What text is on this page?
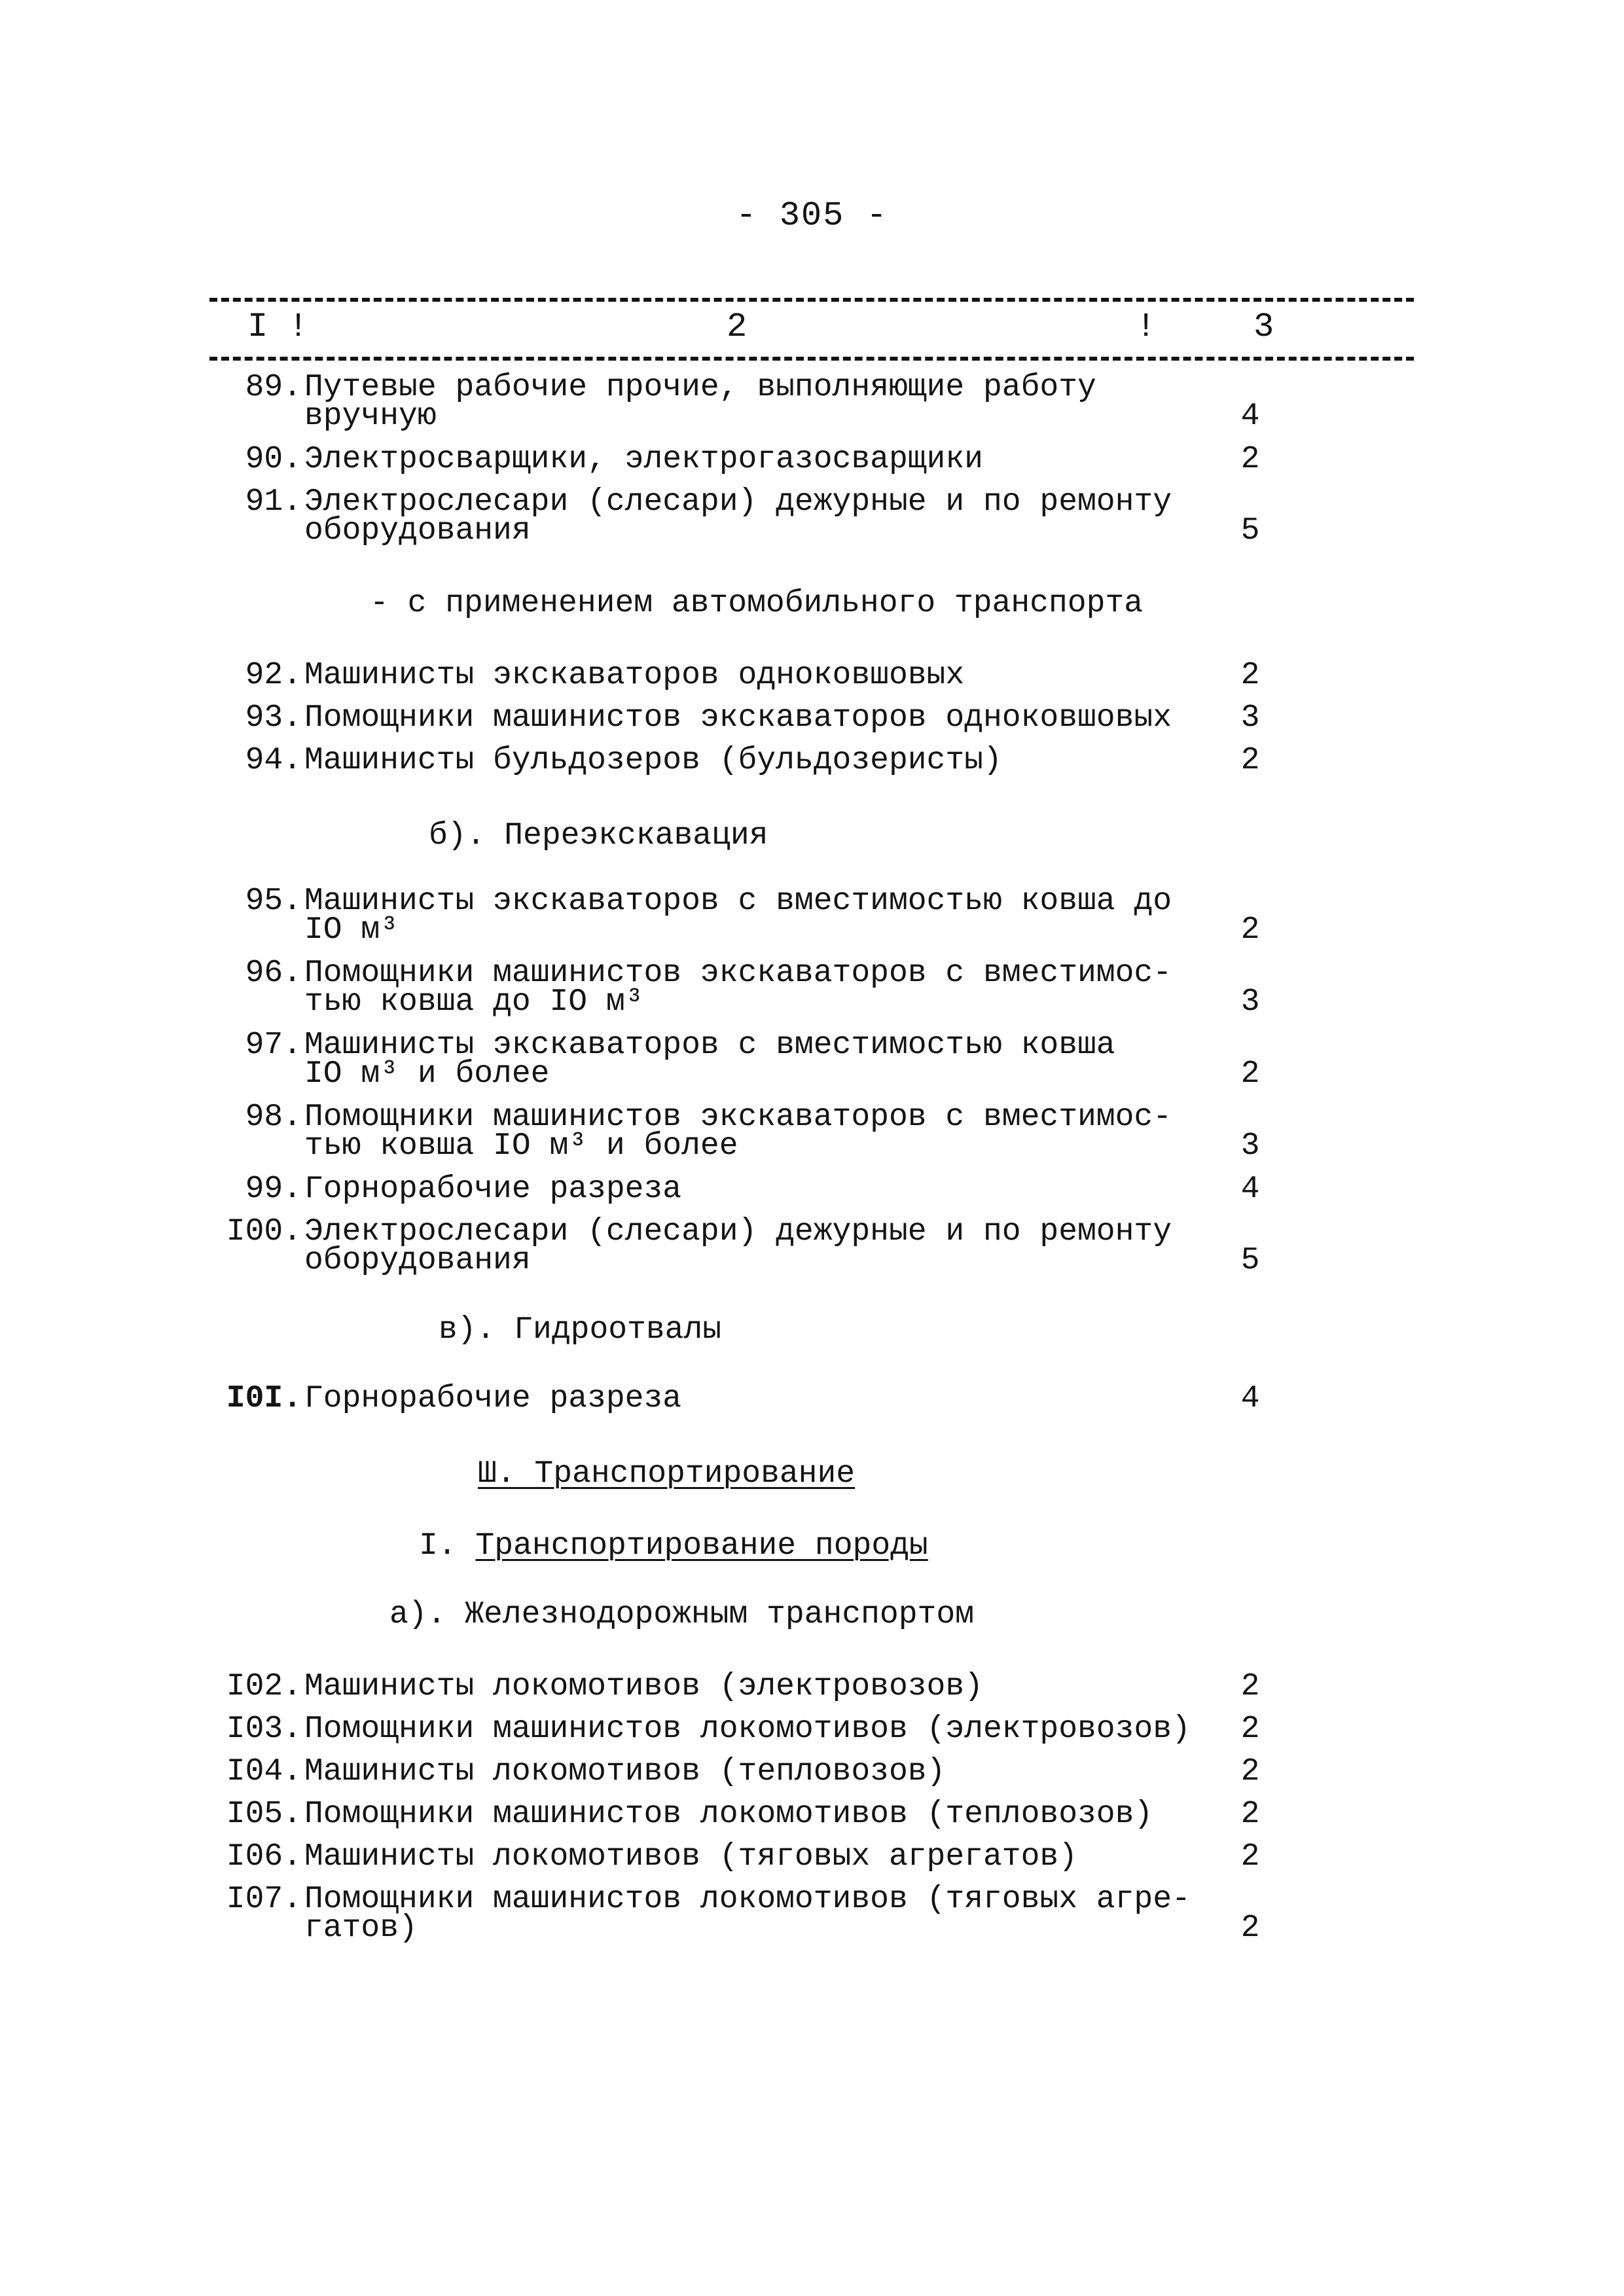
- 305 -
I !	2	!	3
89. Путевые рабочие прочие, выполняющие работу
вручную	4
90. Электросварщики, электрогазосварщики	2
91. Электрослесари (слесари) дежурные и по ремонту
оборудования	5
- с применением автомобильного транспорта
92. Машинисты экскаваторов одноковшовых	2
93. Помощники машинистов экскаваторов одноковшовых 3
94. Машинисты бульдозеров (бульдозеристы)	2
б). Переэкскавация
95. Машинисты экскаваторов с вместимостью ковша до
IO м³	2
96. Помощники машинистов экскаваторов с вместимос-
тью ковша до IO м³	3
97. Машинисты экскаваторов с вместимостью ковша
IO м³ и более	2
98. Помощники машинистов экскаваторов с вместимос-
тью ковша IO м³ и более	3
99. Горнорабочие разреза	4
I00. Электрослесари (слесари) дежурные и по ремонту
оборудования	5
в). Гидроотвалы
I0I. Горнорабочие разреза	4
Ш. Транспортирование
I. Транспортирование породы
а). Железнодорожным транспортом
I02. Машинисты локомотивов (электровозов)	2
I03. Помощники машинистов локомотивов (электровозов) 2
I04. Машинисты локомотивов (тепловозов)	2
I05. Помощники машинистов локомотивов (тепловозов)	2
I06. Машинисты локомотивов (тяговых агрегатов)	2
I07. Помощники машинистов локомотивов (тяговых агре-
гатов)	2
